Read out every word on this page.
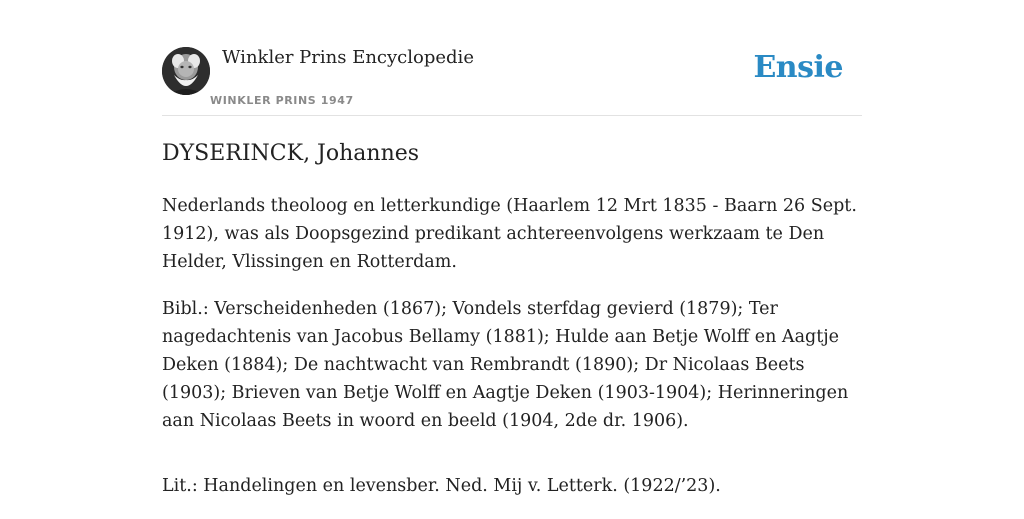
Winkler Prins Encyclopedie
WINKLER PRINS 1947
Ensie
DYSERINCK, Johannes

Nederlands theoloog en letterkundige (Haarlem 12 Mrt 1835 - Baarn 26 Sept. 1912), was als Doopsgezind predikant achtereenvolgens werkzaam te Den Helder, Vlissingen en Rotterdam.

Bibl.: Verscheidenheden (1867); Vondels sterfdag gevierd (1879); Ter nagedachtenis van Jacobus Bellamy (1881); Hulde aan Betje Wolff en Aagtje Deken (1884); De nachtwacht van Rembrandt (1890); Dr Nicolaas Beets (1903); Brieven van Betje Wolff en Aagtje Deken (1903-1904); Herinneringen aan Nicolaas Beets in woord en beeld (1904, 2de dr. 1906).

Lit.: Handelingen en levensber. Ned. Mij v. Letterk. (1922/’23).
